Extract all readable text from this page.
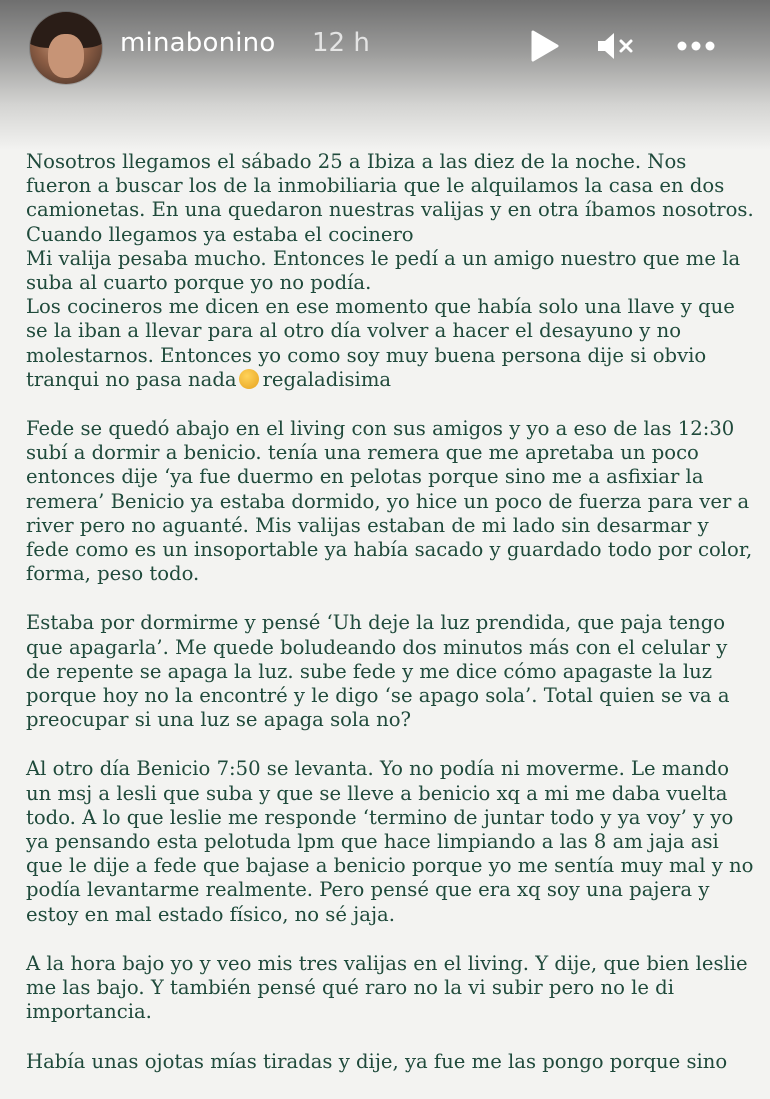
minabonino 12 h

Nosotros llegamos el sábado 25 a Ibiza a las diez de la noche. Nos fueron a buscar los de la inmobiliaria que le alquilamos la casa en dos camionetas. En una quedaron nuestras valijas y en otra íbamos nosotros. Cuando llegamos ya estaba el cocinero
Mi valija pesaba mucho. Entonces le pedí a un amigo nuestro que me la suba al cuarto porque yo no podía.
Los cocineros me dicen en ese momento que había solo una llave y que se la iban a llevar para al otro día volver a hacer el desayuno y no molestarnos. Entonces yo como soy muy buena persona dije si obvio tranqui no pasa nada regaladisima

Fede se quedó abajo en el living con sus amigos y yo a eso de las 12:30 subí a dormir a benicio. tenía una remera que me apretaba un poco entonces dije ‘ya fue duermo en pelotas porque sino me a asfixiar la remera’ Benicio ya estaba dormido, yo hice un poco de fuerza para ver a river pero no aguanté. Mis valijas estaban de mi lado sin desarmar y fede como es un insoportable ya había sacado y guardado todo por color, forma, peso todo.

Estaba por dormirme y pensé ‘Uh deje la luz prendida, que paja tengo que apagarla’. Me quede boludeando dos minutos más con el celular y de repente se apaga la luz. sube fede y me dice cómo apagaste la luz porque hoy no la encontré y le digo ‘se apago sola’. Total quien se va a preocupar si una luz se apaga sola no?

Al otro día Benicio 7:50 se levanta. Yo no podía ni moverme. Le mando un msj a lesli que suba y que se lleve a benicio xq a mi me daba vuelta todo. A lo que leslie me responde ‘termino de juntar todo y ya voy’ y yo ya pensando esta pelotuda lpm que hace limpiando a las 8 am jaja asi que le dije a fede que bajase a benicio porque yo me sentía muy mal y no podía levantarme realmente. Pero pensé que era xq soy una pajera y estoy en mal estado físico, no sé jaja.

A la hora bajo yo y veo mis tres valijas en el living. Y dije, que bien leslie me las bajo. Y también pensé qué raro no la vi subir pero no le di importancia.

Había unas ojotas mías tiradas y dije, ya fue me las pongo porque sino
